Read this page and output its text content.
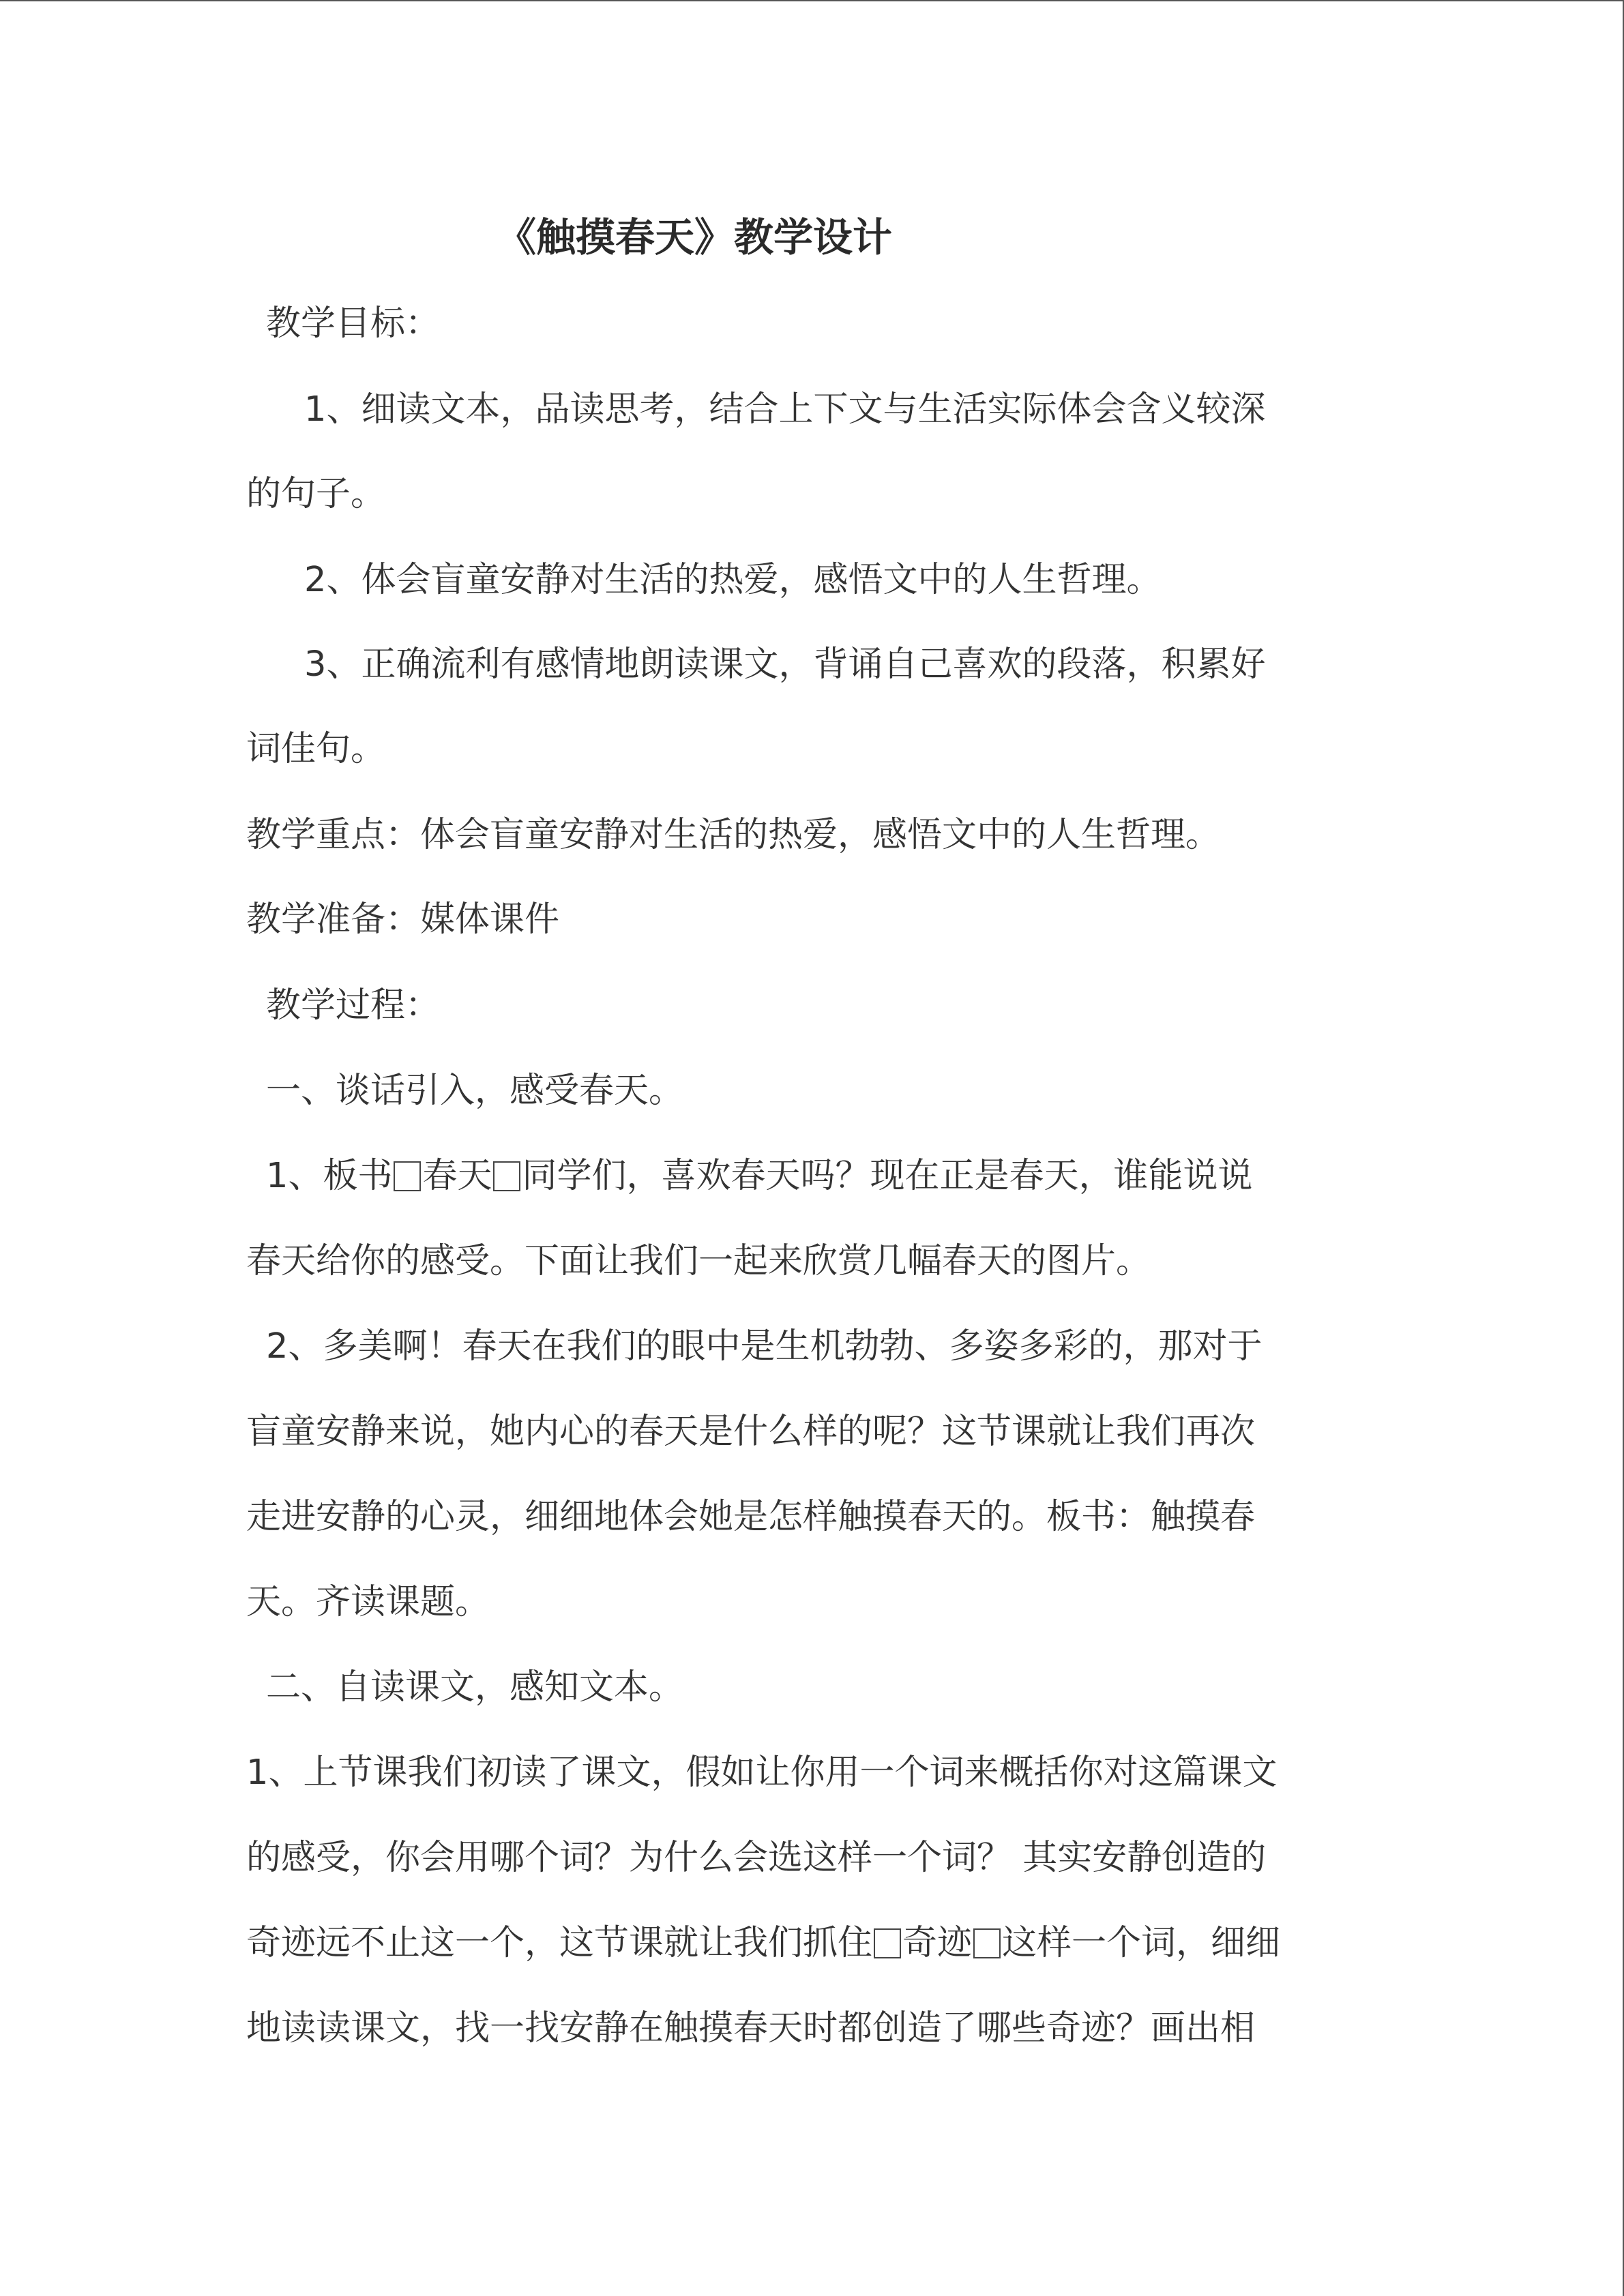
《触摸春天》教学设计
教学目标：
1、细读文本，品读思考，结合上下文与生活实际体会含义较深
的句子。
2、体会盲童安静对生活的热爱，感悟文中的人生哲理。
3、正确流利有感情地朗读课文，背诵自己喜欢的段落，积累好
词佳句。
教学重点：体会盲童安静对生活的热爱，感悟文中的人生哲理。
教学准备：媒体课件
教学过程：
一、谈话引入，感受春天。
1、板书 春天 同学们，喜欢春天吗？现在正是春天，谁能说说
春天给你的感受。下面让我们一起来欣赏几幅春天的图片。
2、多美啊！春天在我们的眼中是生机勃勃、多姿多彩的，那对于
盲童安静来说，她内心的春天是什么样的呢？这节课就让我们再次
走进安静的心灵，细细地体会她是怎样触摸春天的。板书：触摸春
天。齐读课题。
二、自读课文，感知文本。
1、上节课我们初读了课文，假如让你用一个词来概括你对这篇课文
的感受，你会用哪个词？为什么会选这样一个词？ 其实安静创造的
奇迹远不止这一个，这节课就让我们抓住 奇迹 这样一个词，细细
地读读课文，找一找安静在触摸春天时都创造了哪些奇迹？画出相
